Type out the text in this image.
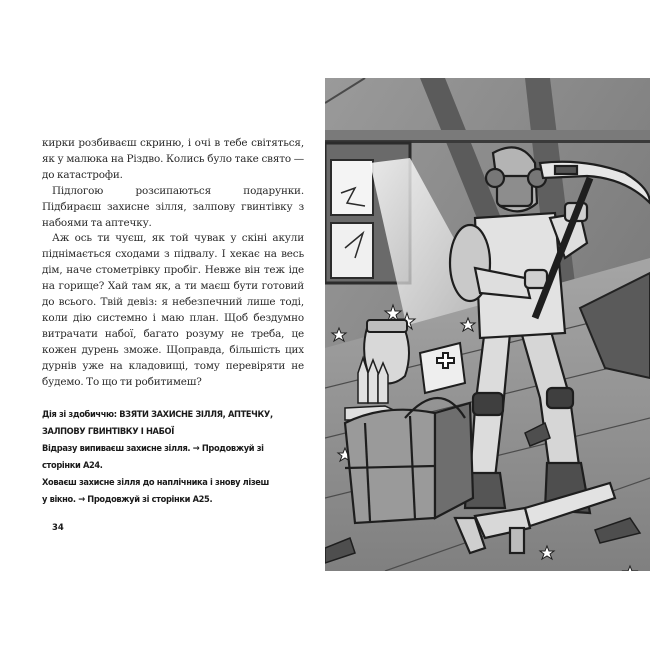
кирки розбиваєш скриню, і очі в тебе світяться, як у малюка на Різдво. Колись було таке свято — до катастрофи.

Підлогою розсипаються подарунки. Підбираєш захисне зілля, залпову гвинтівку з набоями та аптечку.

Аж ось ти чуєш, як той чувак у скіні акули піднімається сходами з підвалу. І хекає на весь дім, наче стометрівку пробіг. Невже він теж іде на горище? Хай там як, а ти маєш бути готовий до всього. Твій девіз: я небезпечний лише тоді, коли дію системно і маю план. Щоб бездумно витрачати набої, багато розуму не треба, це кожен дурень зможе. Щоправда, більшість цих дурнів уже на кладовищі, тому перевіряти не будемо. То що ти робитимеш?

Дія зі здобиччю: ВЗЯТИ ЗАХИСНЕ ЗІЛЛЯ, АПТЕЧКУ,
ЗАЛПОВУ ГВИНТІВКУ І НАБОЇ
Відразу випиваєш захисне зілля. → Продовжуй зі
сторінки А24.
Ховаєш захисне зілля до наплічника і знову лізеш
у вікно. → Продовжуй зі сторінки А25.
34
